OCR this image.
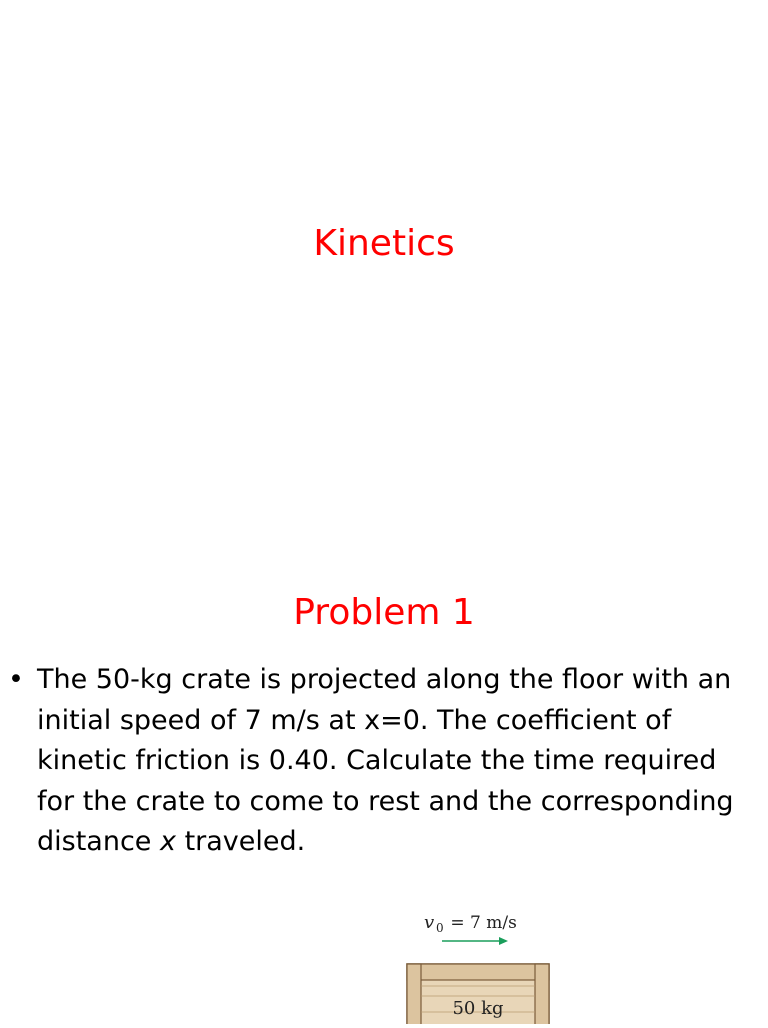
Kinetics
Problem 1
• The 50-kg crate is projected along the floor with an initial speed of 7 m/s at x=0. The coefficient of kinetic friction is 0.40. Calculate the time required for the crate to come to rest and the corresponding distance x traveled.
v 0 = 7 m/s
50 kg
